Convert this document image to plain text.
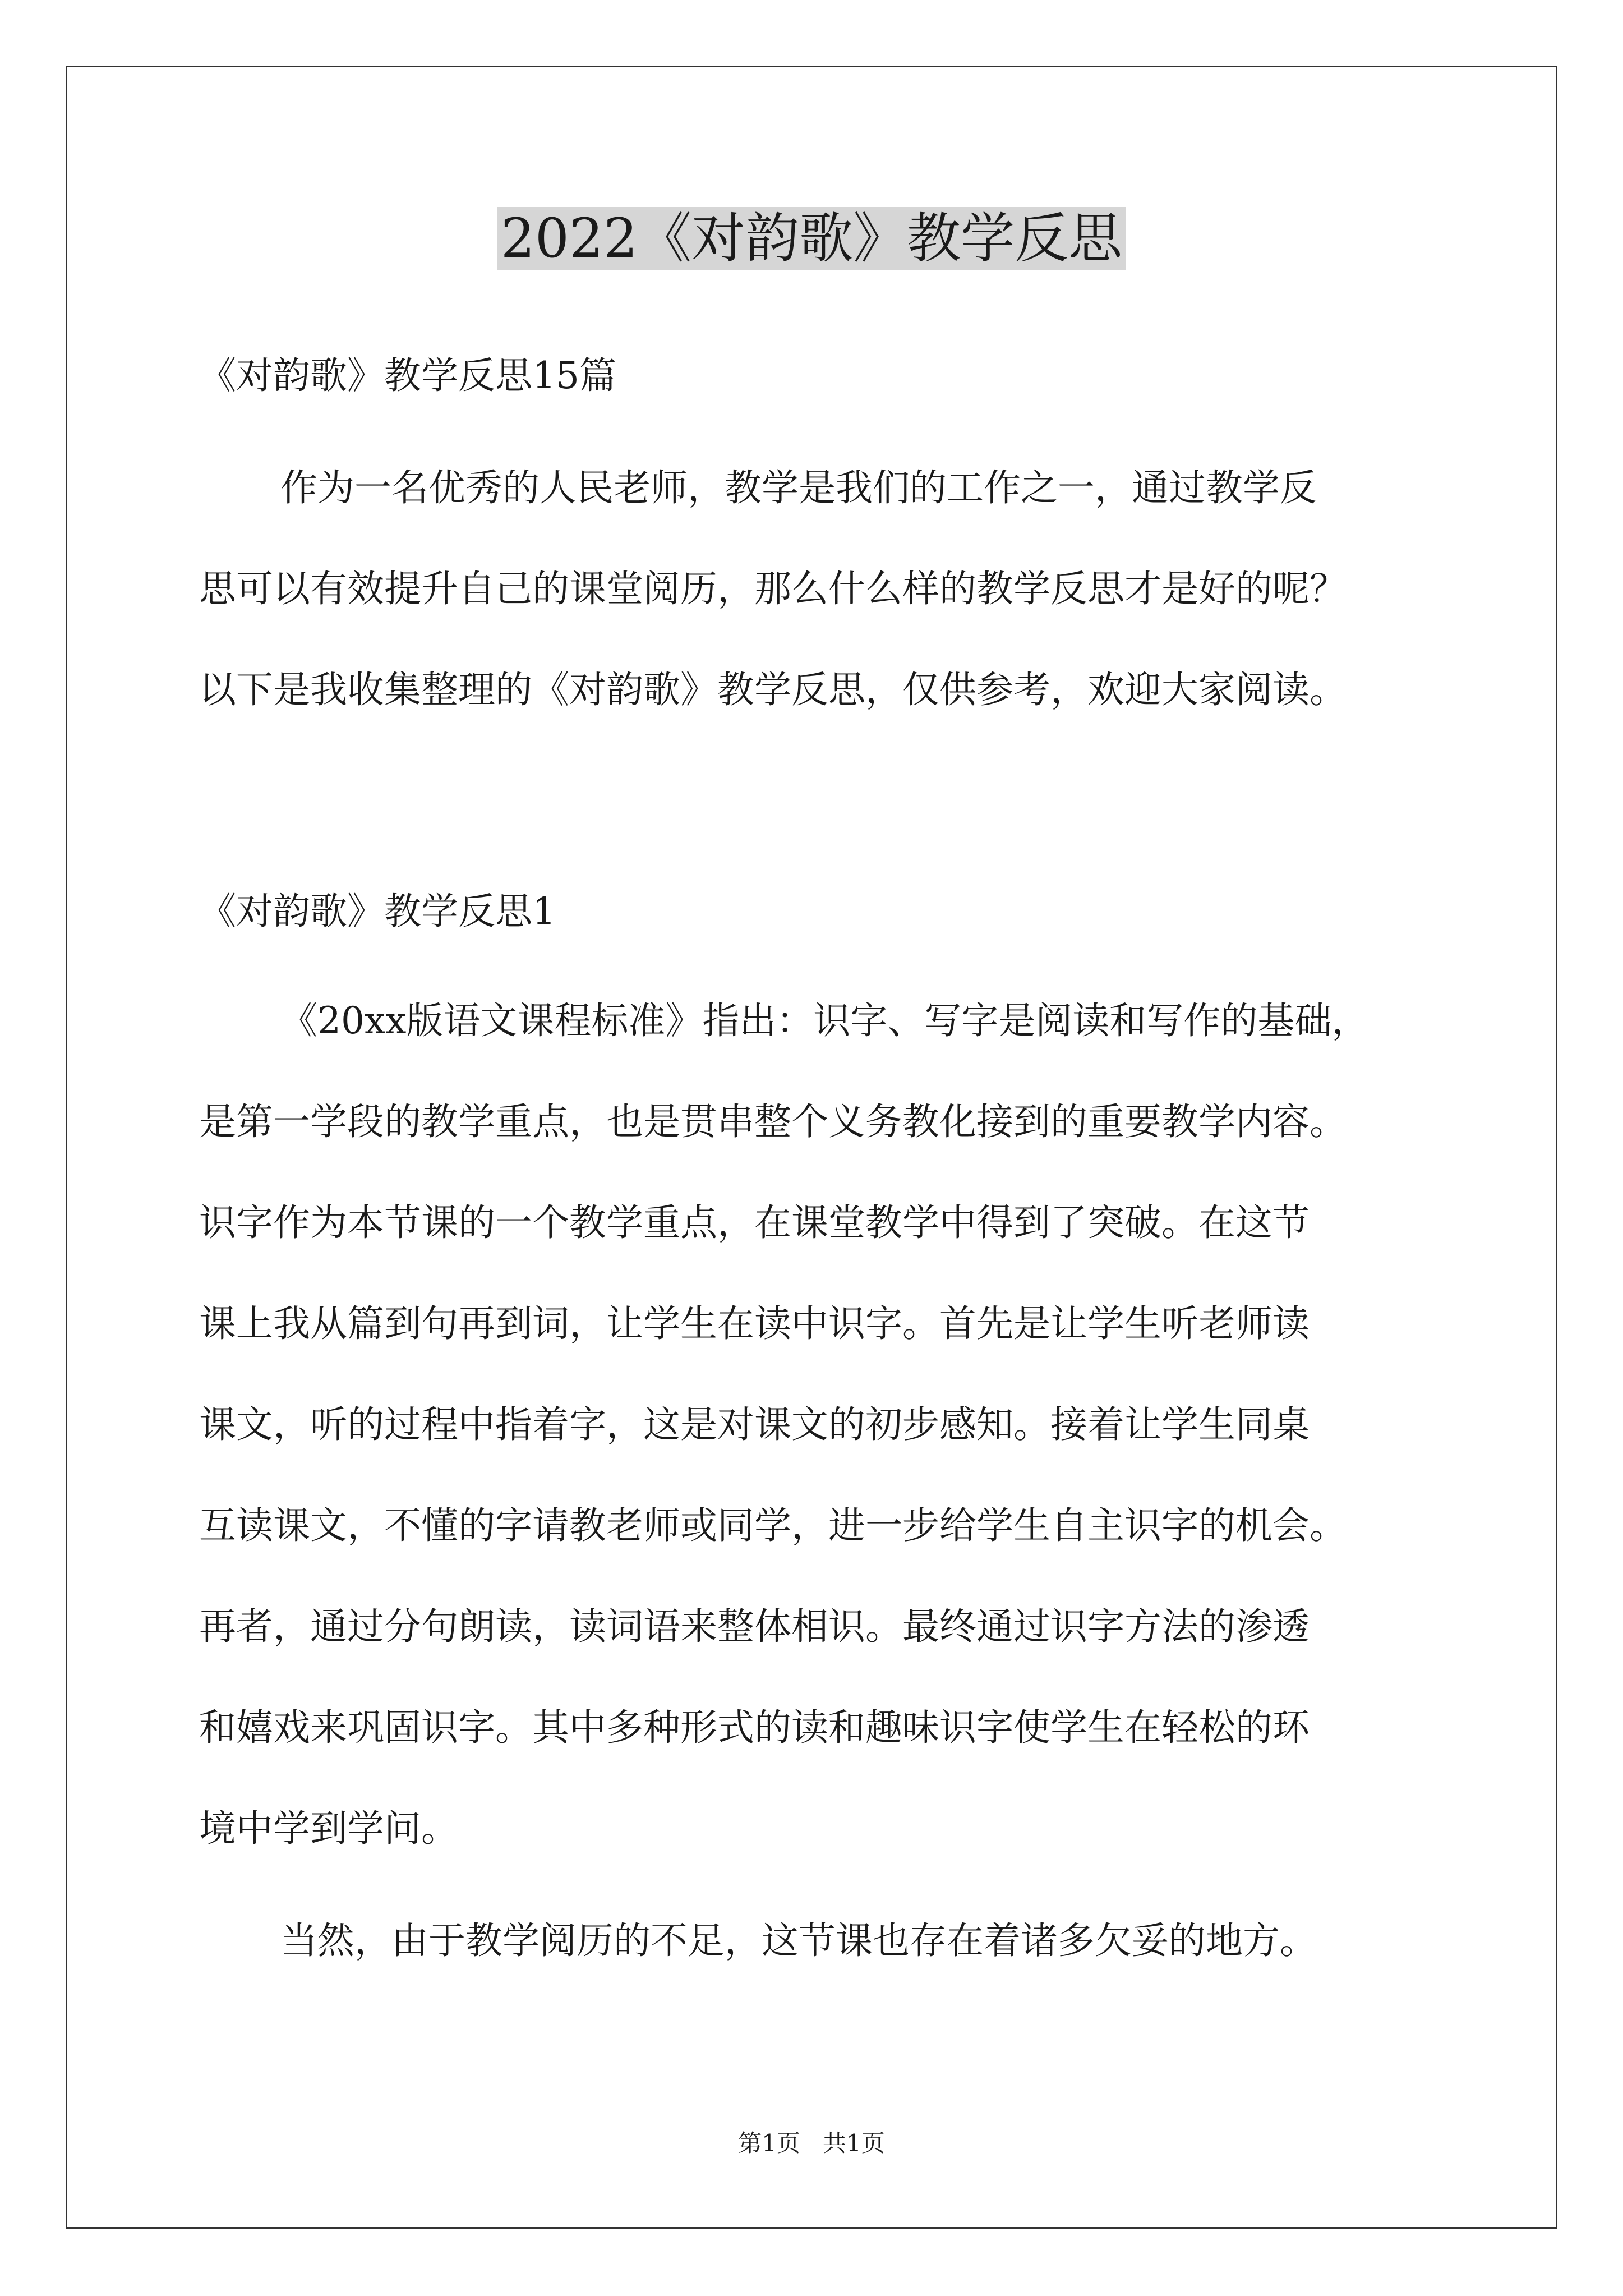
2022《对韵歌》教学反思
《对韵歌》教学反思15篇
作为一名优秀的人民老师，教学是我们的工作之一，通过教学反
思可以有效提升自己的课堂阅历，那么什么样的教学反思才是好的呢？
以下是我收集整理的《对韵歌》教学反思，仅供参考，欢迎大家阅读。
《对韵歌》教学反思1
《20xx版语文课程标准》指出：识字、写字是阅读和写作的基础，
是第一学段的教学重点，也是贯串整个义务教化接到的重要教学内容。
识字作为本节课的一个教学重点，在课堂教学中得到了突破。在这节
课上我从篇到句再到词，让学生在读中识字。首先是让学生听老师读
课文，听的过程中指着字，这是对课文的初步感知。接着让学生同桌
互读课文，不懂的字请教老师或同学，进一步给学生自主识字的机会。
再者，通过分句朗读，读词语来整体相识。最终通过识字方法的渗透
和嬉戏来巩固识字。其中多种形式的读和趣味识字使学生在轻松的环
境中学到学问。
当然，由于教学阅历的不足，这节课也存在着诸多欠妥的地方。
第1页   共1页
